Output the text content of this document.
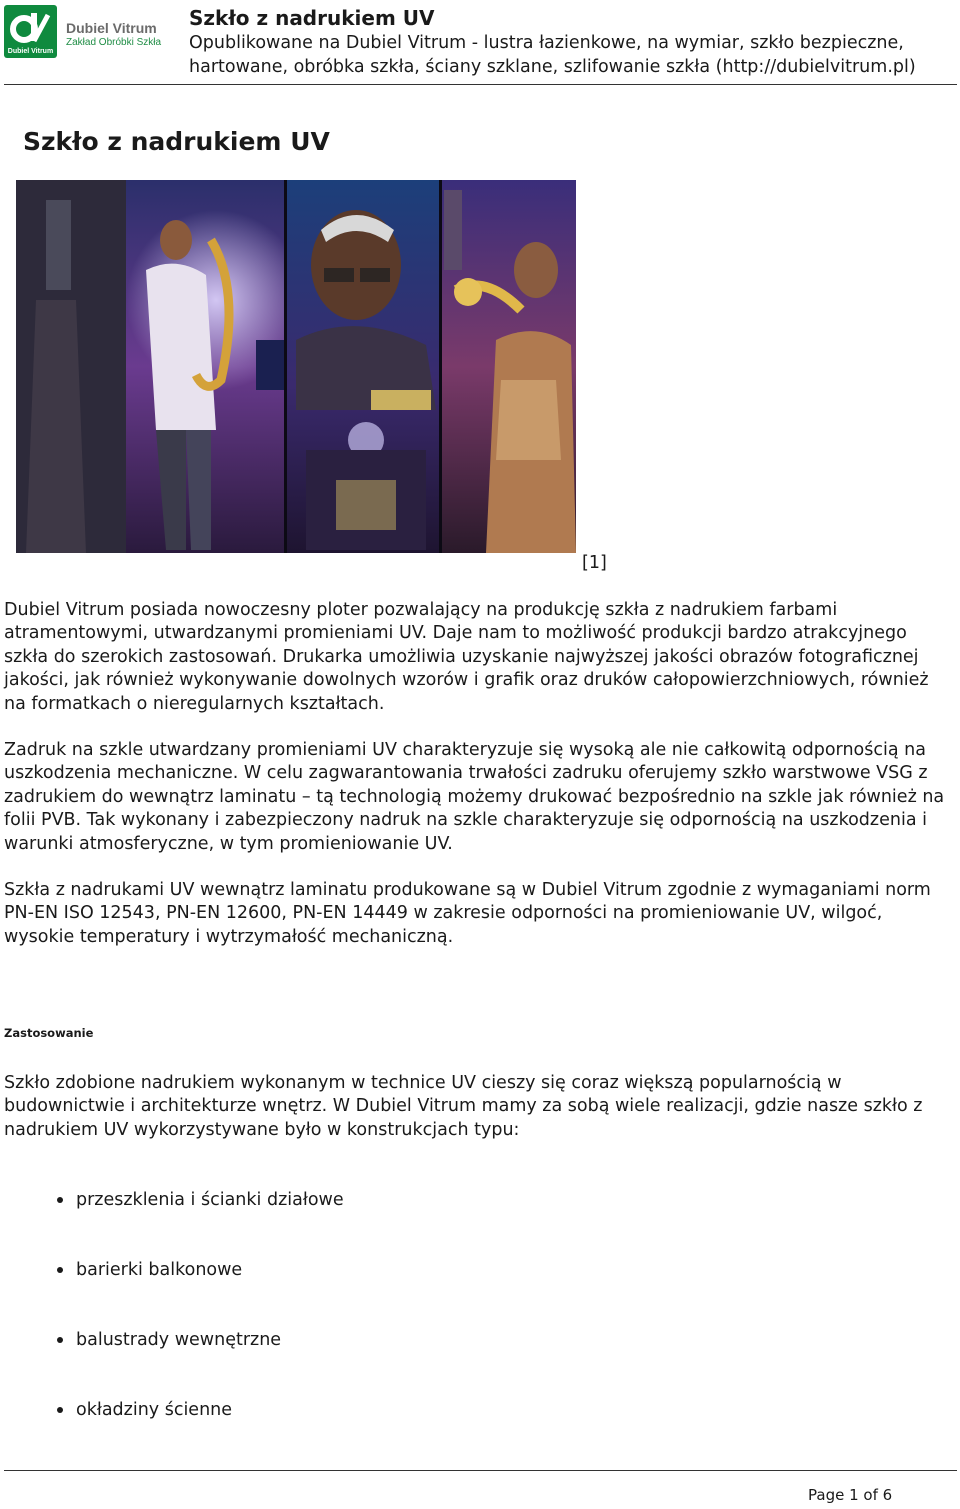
Dubiel Vitrum
Dubiel Vitrum
Zakład Obróbki Szkła
Szkło z nadrukiem UV
Opublikowane na Dubiel Vitrum - lustra łazienkowe, na wymiar, szkło bezpieczne, hartowane, obróbka szkła, ściany szklane, szlifowanie szkła (http://dubielvitrum.pl)
Szkło z nadrukiem UV
[1]

Dubiel Vitrum posiada nowoczesny ploter pozwalający na produkcję szkła z nadrukiem farbami atramentowymi, utwardzanymi promieniami UV. Daje nam to możliwość produkcji bardzo atrakcyjnego szkła do szerokich zastosowań. Drukarka umożliwia uzyskanie najwyższej jakości obrazów fotograficznej jakości, jak również wykonywanie dowolnych wzorów i grafik oraz druków całopowierzchniowych, również na formatkach o nieregularnych kształtach.

Zadruk na szkle utwardzany promieniami UV charakteryzuje się wysoką ale nie całkowitą odpornością na uszkodzenia mechaniczne. W celu zagwarantowania trwałości zadruku oferujemy szkło warstwowe VSG z zadrukiem do wewnątrz laminatu – tą technologią możemy drukować bezpośrednio na szkle jak również na folii PVB. Tak wykonany i zabezpieczony nadruk na szkle charakteryzuje się odpornością na uszkodzenia i warunki atmosferyczne, w tym promieniowanie UV.

Szkła z nadrukami UV wewnątrz laminatu produkowane są w Dubiel Vitrum zgodnie z wymaganiami norm PN-EN ISO 12543, PN-EN 12600, PN-EN 14449 w zakresie odporności na promieniowanie UV, wilgoć, wysokie temperatury i wytrzymałość mechaniczną.

Zastosowanie

Szkło zdobione nadrukiem wykonanym w technice UV cieszy się coraz większą popularnością w budownictwie i architekturze wnętrz. W Dubiel Vitrum mamy za sobą wiele realizacji, gdzie nasze szkło z nadrukiem UV wykorzystywane było w konstrukcjach typu:

przeszklenia i ścianki działowe
barierki balkonowe
balustrady wewnętrzne
okładziny ścienne
Page 1 of 6
